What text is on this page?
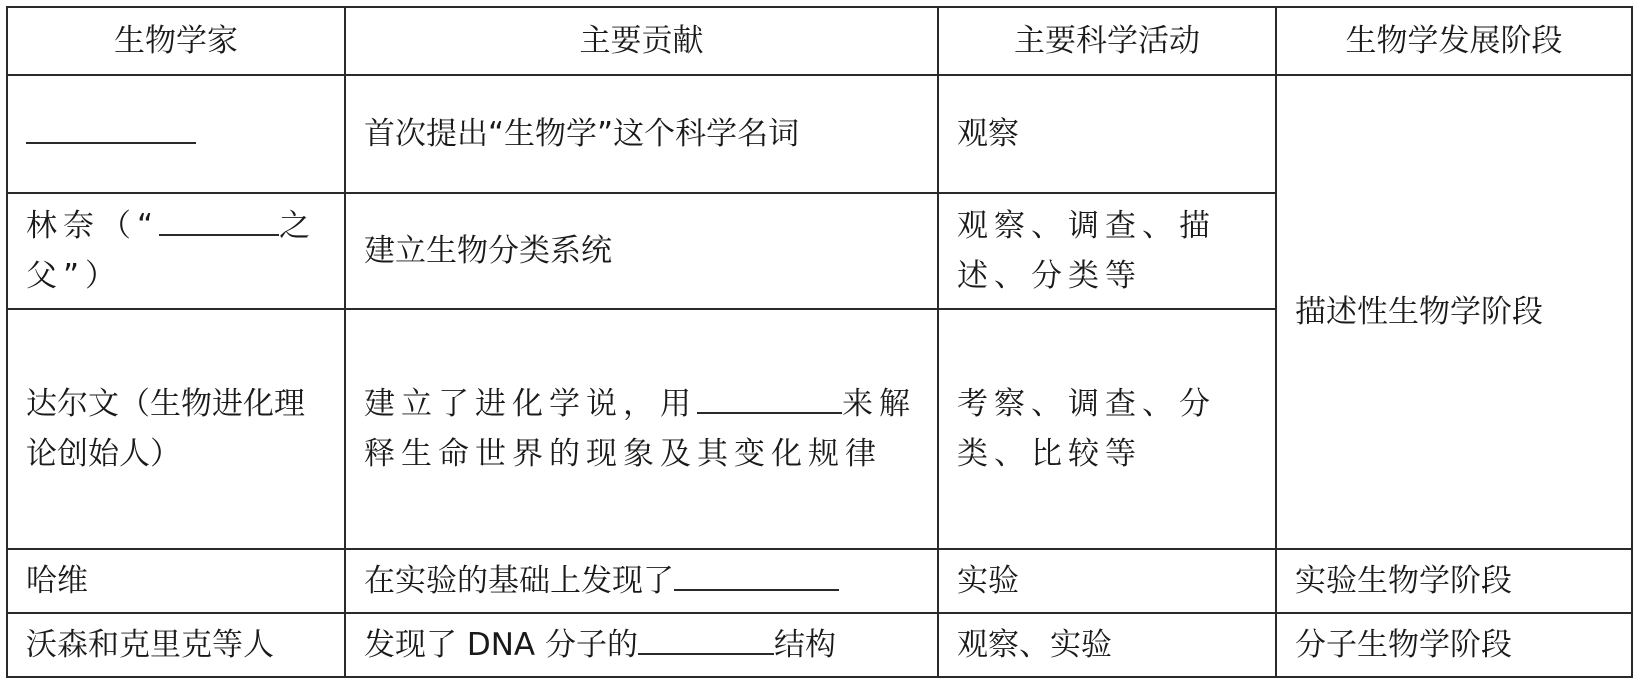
生物学家	主要贡献	主要科学活动	生物学发展阶段
	首次提出“生物学”这个科学名词	观察	描述性生物学阶段
林奈（“ 之父”）	建立生物分类系统	观察、调查、描述、分类等	
达尔文（生物进化理论创始人）	建立了进化学说，用 来解释生命世界的现象及其变化规律	考察、调查、分类、比较等	
哈维	在实验的基础上发现了	实验	实验生物学阶段
沃森和克里克等人	发现了 DNA 分子的 结构	观察、实验	分子生物学阶段
